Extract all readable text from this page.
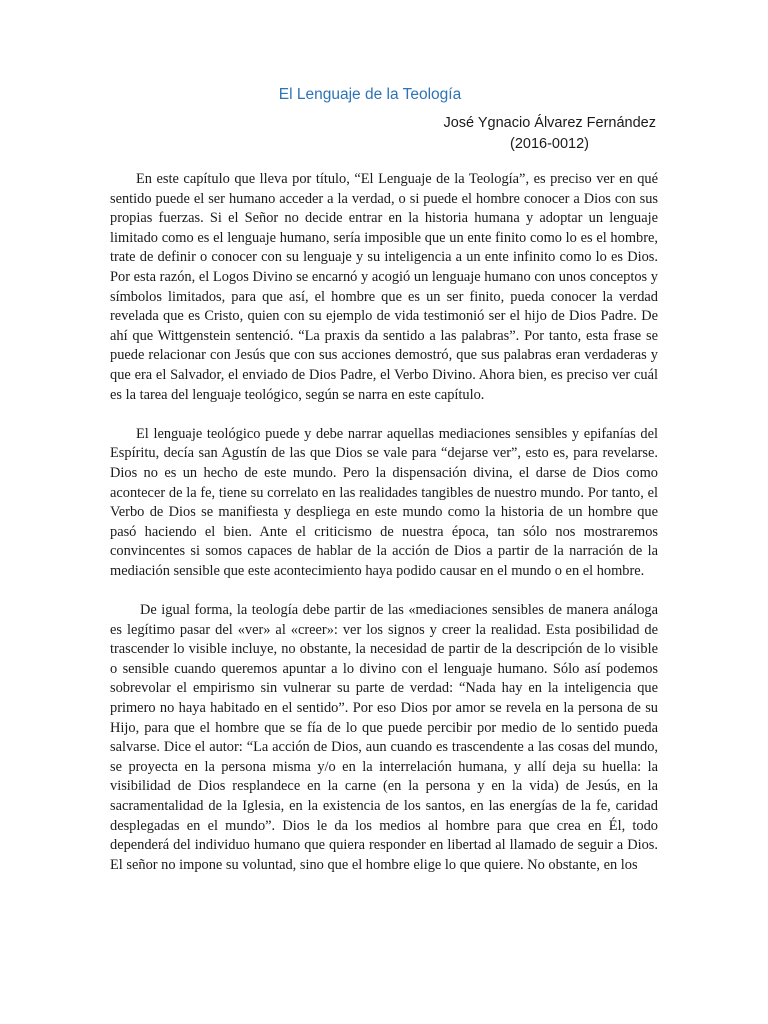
El Lenguaje de la Teología

José Ygnacio Álvarez Fernández

(2016-0012)

En este capítulo que lleva por título, “El Lenguaje de la Teología”, es preciso ver en qué sentido puede el ser humano acceder a la verdad, o si puede el hombre conocer a Dios con sus propias fuerzas. Si el Señor no decide entrar en la historia humana y adoptar un lenguaje limitado como es el lenguaje humano, sería imposible que un ente finito como lo es el hombre, trate de definir o conocer con su lenguaje y su inteligencia a un ente infinito como lo es Dios. Por esta razón, el Logos Divino se encarnó y acogió un lenguaje humano con unos conceptos y símbolos limitados, para que así, el hombre que es un ser finito, pueda conocer la verdad revelada que es Cristo, quien con su ejemplo de vida testimonió ser el hijo de Dios Padre. De ahí que Wittgenstein sentenció. “La praxis da sentido a las palabras”. Por tanto, esta frase se puede relacionar con Jesús que con sus acciones demostró, que sus palabras eran verdaderas y que era el Salvador, el enviado de Dios Padre, el Verbo Divino. Ahora bien, es preciso ver cuál es la tarea del lenguaje teológico, según se narra en este capítulo.

El lenguaje teológico puede y debe narrar aquellas mediaciones sensibles y epifanías del Espíritu, decía san Agustín de las que Dios se vale para “dejarse ver”, esto es, para revelarse. Dios no es un hecho de este mundo. Pero la dispensación divina, el darse de Dios como acontecer de la fe, tiene su correlato en las realidades tangibles de nuestro mundo. Por tanto, el Verbo de Dios se manifiesta y despliega en este mundo como la historia de un hombre que pasó haciendo el bien. Ante el criticismo de nuestra época, tan sólo nos mostraremos convincentes si somos capaces de hablar de la acción de Dios a partir de la narración de la mediación sensible que este acontecimiento haya podido causar en el mundo o en el hombre.

De igual forma, la teología debe partir de las «mediaciones sensibles de manera análoga es legítimo pasar del «ver» al «creer»: ver los signos y creer la realidad. Esta posibilidad de trascender lo visible incluye, no obstante, la necesidad de partir de la descripción de lo visible o sensible cuando queremos apuntar a lo divino con el lenguaje humano. Sólo así podemos sobrevolar el empirismo sin vulnerar su parte de verdad: “Nada hay en la inteligencia que primero no haya habitado en el sentido”. Por eso Dios por amor se revela en la persona de su Hijo, para que el hombre que se fía de lo que puede percibir por medio de lo sentido pueda salvarse. Dice el autor: “La acción de Dios, aun cuando es trascendente a las cosas del mundo, se proyecta en la persona misma y/o en la interrelación humana, y allí deja su huella: la visibilidad de Dios resplandece en la carne (en la persona y en la vida) de Jesús, en la sacramentalidad de la Iglesia, en la existencia de los santos, en las energías de la fe, caridad desplegadas en el mundo”. Dios le da los medios al hombre para que crea en Él, todo dependerá del individuo humano que quiera responder en libertad al llamado de seguir a Dios. El señor no impone su voluntad, sino que el hombre elige lo que quiere. No obstante, en los
